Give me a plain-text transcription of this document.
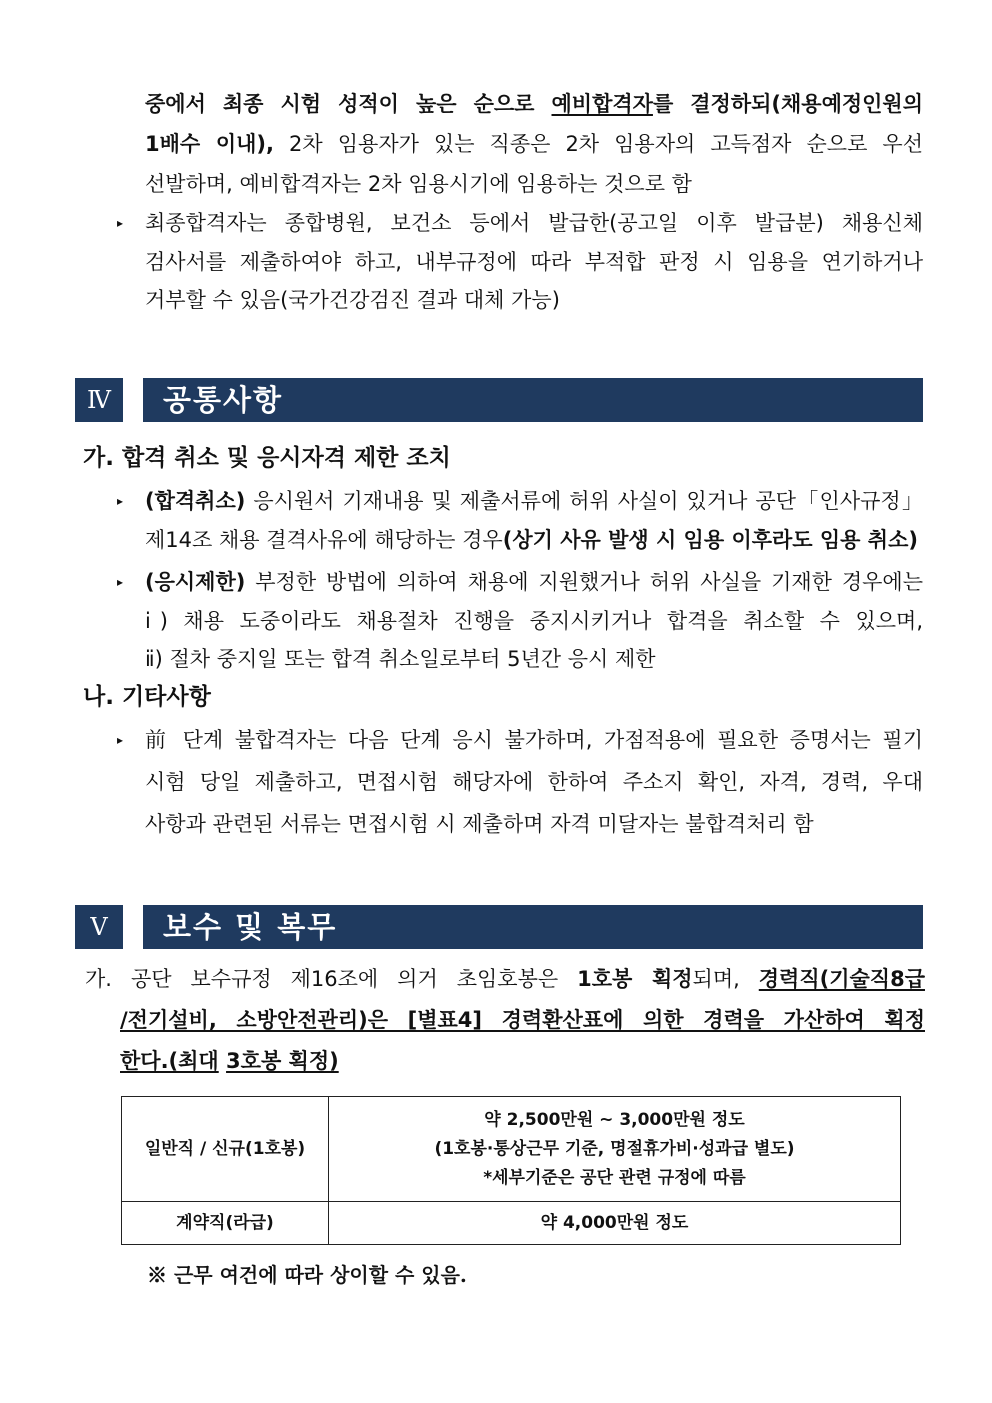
중에서 최종 시험 성적이 높은 순으로 예비합격자를 결정하되(채용예정인원의
1배수 이내), 2차 임용자가 있는 직종은 2차 임용자의 고득점자 순으로 우선
선발하며, 예비합격자는 2차 임용시기에 임용하는 것으로 함
▸ 최종합격자는 종합병원, 보건소 등에서 발급한(공고일 이후 발급분) 채용신체
검사서를 제출하여야 하고, 내부규정에 따라 부적합 판정 시 임용을 연기하거나
거부할 수 있음(국가건강검진 결과 대체 가능)
Ⅳ	공통사항
가. 합격 취소 및 응시자격 제한 조치
▸ (합격취소) 응시원서 기재내용 및 제출서류에 허위 사실이 있거나 공단「인사규정」
제14조 채용 결격사유에 해당하는 경우(상기 사유 발생 시 임용 이후라도 임용 취소)
▸ (응시제한) 부정한 방법에 의하여 채용에 지원했거나 허위 사실을 기재한 경우에는
ⅰ) 채용 도중이라도 채용절차 진행을 중지시키거나 합격을 취소할 수 있으며,
ⅱ) 절차 중지일 또는 합격 취소일로부터 5년간 응시 제한
나. 기타사항
▸ 前 단계 불합격자는 다음 단계 응시 불가하며, 가점적용에 필요한 증명서는 필기
시험 당일 제출하고, 면접시험 해당자에 한하여 주소지 확인, 자격, 경력, 우대
사항과 관련된 서류는 면접시험 시 제출하며 자격 미달자는 불합격처리 함
Ⅴ	보수 및 복무
가. 공단 보수규정 제16조에 의거 초임호봉은 1호봉 획정되며, 경력직(기술직8급
/전기설비, 소방안전관리)은 [별표4] 경력환산표에 의한 경력을 가산하여 획정
한다.(최대 3호봉 획정)
일반직 / 신규(1호봉)	약 2,500만원 ~ 3,000만원 정도
(1호봉·통상근무 기준, 명절휴가비·성과급 별도)
*세부기준은 공단 관련 규정에 따름

계약직(라급)	약 4,000만원 정도
※ 근무 여건에 따라 상이할 수 있음.
